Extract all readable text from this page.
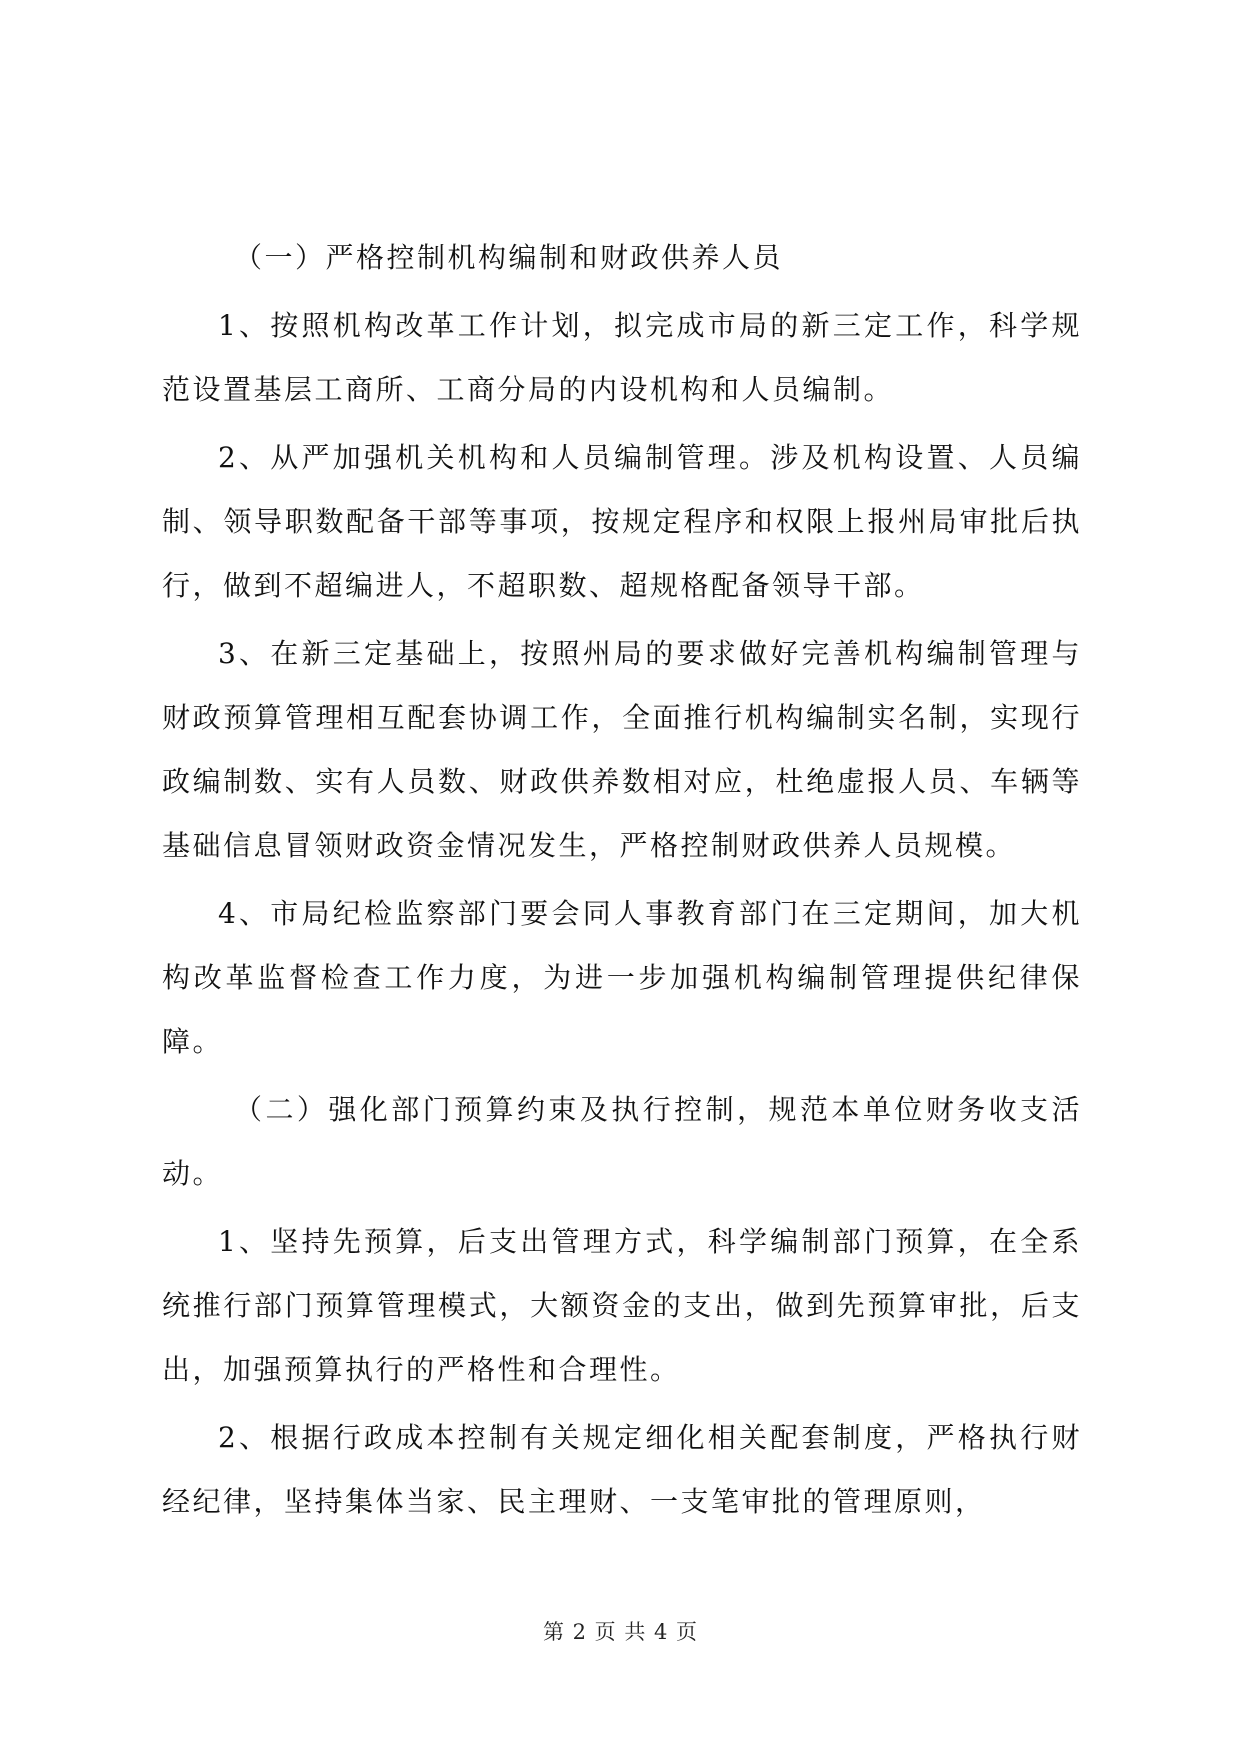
（一）严格控制机构编制和财政供养人员

1、按照机构改革工作计划，拟完成市局的新三定工作，科学规范设置基层工商所、工商分局的内设机构和人员编制。

2、从严加强机关机构和人员编制管理。涉及机构设置、人员编制、领导职数配备干部等事项，按规定程序和权限上报州局审批后执行，做到不超编进人，不超职数、超规格配备领导干部。

3、在新三定基础上，按照州局的要求做好完善机构编制管理与财政预算管理相互配套协调工作，全面推行机构编制实名制，实现行政编制数、实有人员数、财政供养数相对应，杜绝虚报人员、车辆等基础信息冒领财政资金情况发生，严格控制财政供养人员规模。

4、市局纪检监察部门要会同人事教育部门在三定期间，加大机构改革监督检查工作力度，为进一步加强机构编制管理提供纪律保障。

（二）强化部门预算约束及执行控制，规范本单位财务收支活动。

1、坚持先预算，后支出管理方式，科学编制部门预算，在全系统推行部门预算管理模式，大额资金的支出，做到先预算审批，后支出，加强预算执行的严格性和合理性。

2、根据行政成本控制有关规定细化相关配套制度，严格执行财经纪律，坚持集体当家、民主理财、一支笔审批的管理原则，

第 2 页 共 4 页
